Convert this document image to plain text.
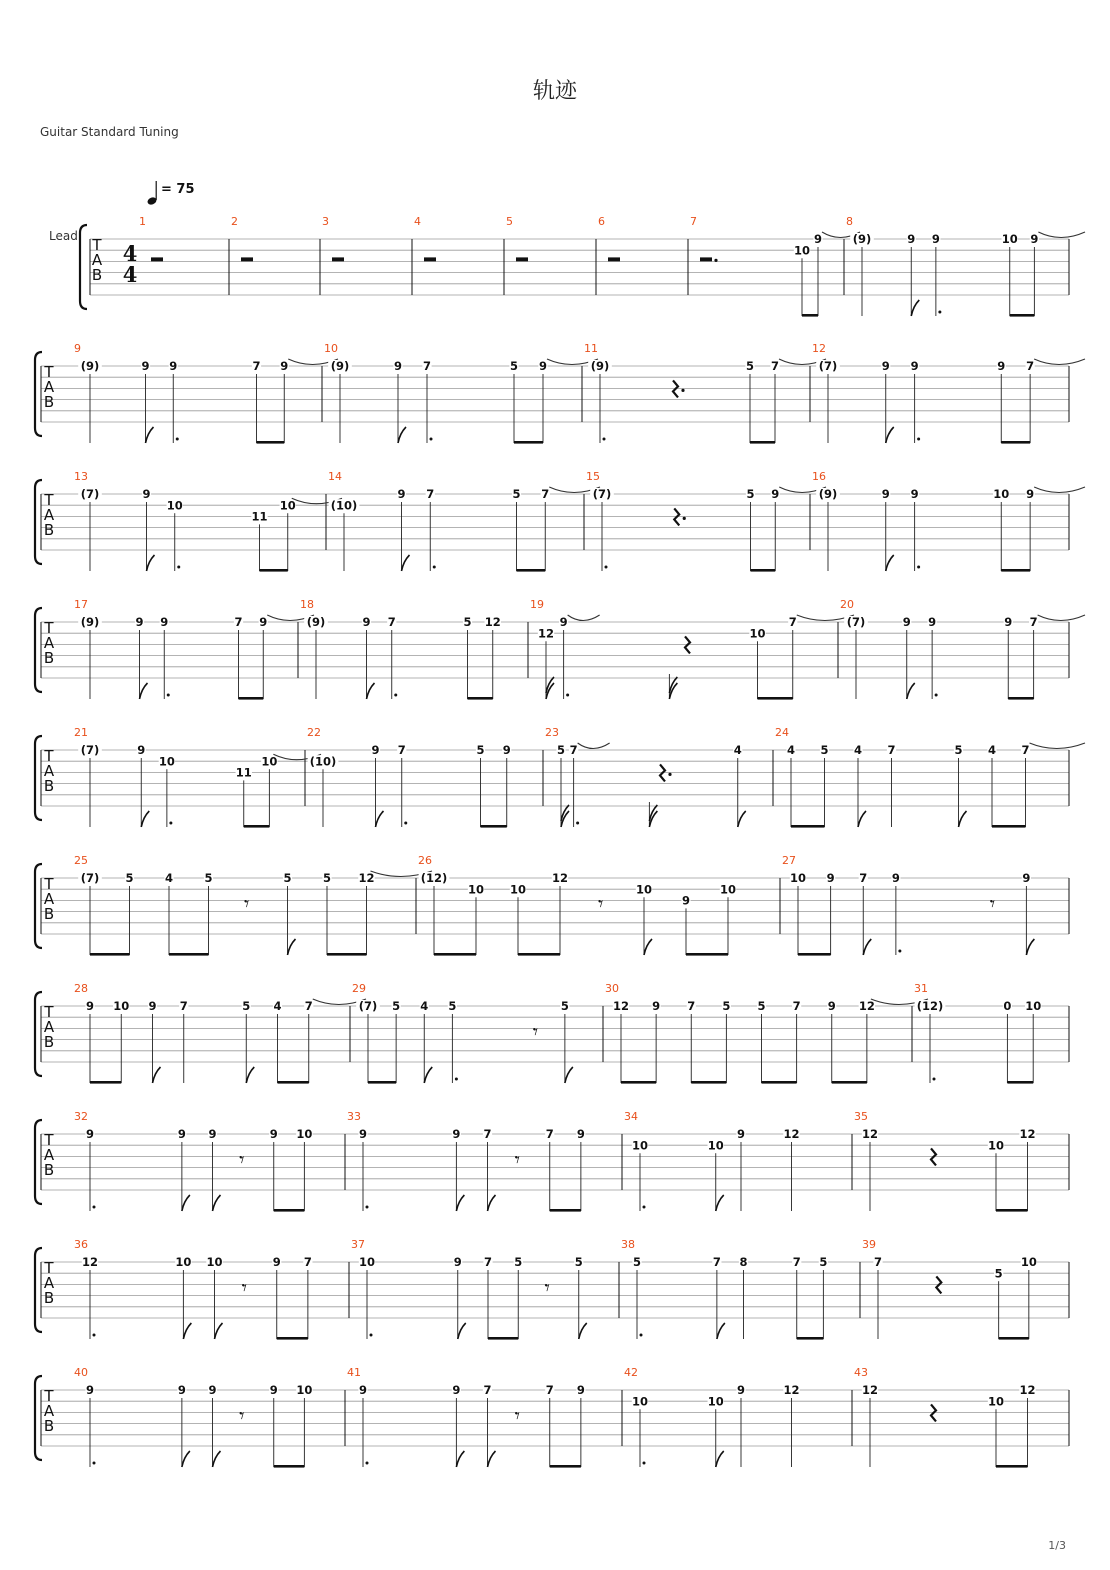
轨迹
Guitar Standard Tuning
= 75
T
A
B
Lead
4
4
1	2	3	4	5	6	7
10
9
8
(9)	9 9	10 9
T
A
B
9
(9)	9 9	7 9
10
(9)	9 7	5 9
11
(9)	5 7
12
(7)	9 9	9 7
T
A
B
13
(7)	9
10
11
10
14
(10)
9 7	5 7
15
(7)	5 9
16
(9)	9 9	10 9
T
A
B
17
(9)	9 9	7 9
18
(9)	9 7	5 12
19
12
9
10
7
20
(7)	9 9	9 7
T
A
B
21
(7)	9
10
11
10
22
(10)
9 7	5 9
23
5 7	4
24
4 5 4 7	5 4 7
T
A
B
25
(7) 5	4	5
𝄾
5	5 12
26
(12)
10 10
12
𝄾
10
9
10
27
10 9 7 9
𝄾
9
T
A
B
28
9 10 9 7	5 4 7
29
(7) 5 4 5
𝄾
5
30
12 9 7 5 5 7 9 12
31
(12)	0 10
T
A
B
32
9	9 9
𝄾
9 10
33
9	9 7
𝄾
7 9
34
10	10
9	12
35
12
10
12
T
A
B
36
12	10 10
𝄾
9 7
37
10	9 7 5
𝄾
5
38
5	7 8	7 5
39
7
5
10
T
A
B
40
9	9 9
𝄾
9 10
41
9	9 7
𝄾
7 9
42
10	10
9	12
43
12
10
12
1/3
